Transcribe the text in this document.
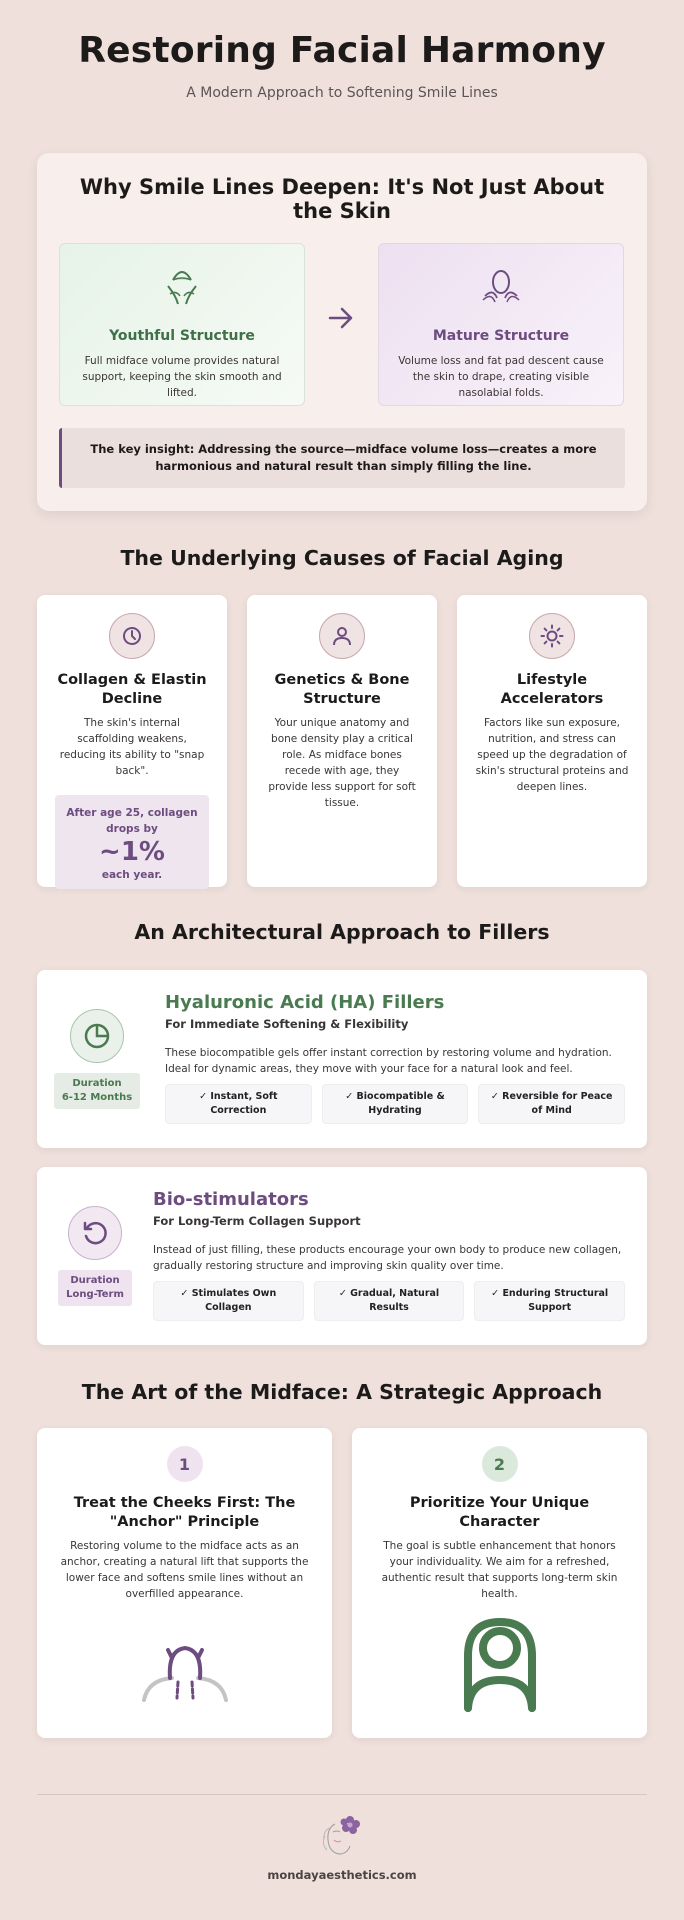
Restoring Facial Harmony

A Modern Approach to Softening Smile Lines

Why Smile Lines Deepen: It's Not Just About the Skin
Youthful Structure

Full midface volume provides natural support, keeping the skin smooth and lifted.

Mature Structure

Volume loss and fat pad descent cause the skin to drape, creating visible nasolabial folds.

The key insight: Addressing the source—midface volume loss—creates a more harmonious and natural result than simply filling the line.
The Underlying Causes of Facial Aging
Collagen & Elastin Decline

The skin's internal scaffolding weakens, reducing its ability to "snap back".

After age 25, collagen drops by
~1%
each year.
Genetics & Bone Structure

Your unique anatomy and bone density play a critical role. As midface bones recede with age, they provide less support for soft tissue.

Lifestyle Accelerators

Factors like sun exposure, nutrition, and stress can speed up the degradation of skin's structural proteins and deepen lines.

An Architectural Approach to Fillers
Duration
6-12 Months
Hyaluronic Acid (HA) Fillers
For Immediate Softening & Flexibility
These biocompatible gels offer instant correction by restoring volume and hydration. Ideal for dynamic areas, they move with your face for a natural look and feel.
✓ Instant, Soft Correction
✓ Biocompatible & Hydrating
✓ Reversible for Peace of Mind
Duration
Long-Term
Bio-stimulators
For Long-Term Collagen Support
Instead of just filling, these products encourage your own body to produce new collagen, gradually restoring structure and improving skin quality over time.
✓ Stimulates Own Collagen
✓ Gradual, Natural Results
✓ Enduring Structural Support
The Art of the Midface: A Strategic Approach
1
Treat the Cheeks First: The "Anchor" Principle

Restoring volume to the midface acts as an anchor, creating a natural lift that supports the lower face and softens smile lines without an overfilled appearance.

2
Prioritize Your Unique Character

The goal is subtle enhancement that honors your individuality. We aim for a refreshed, authentic result that supports long-term skin health.

mondayaesthetics.com
